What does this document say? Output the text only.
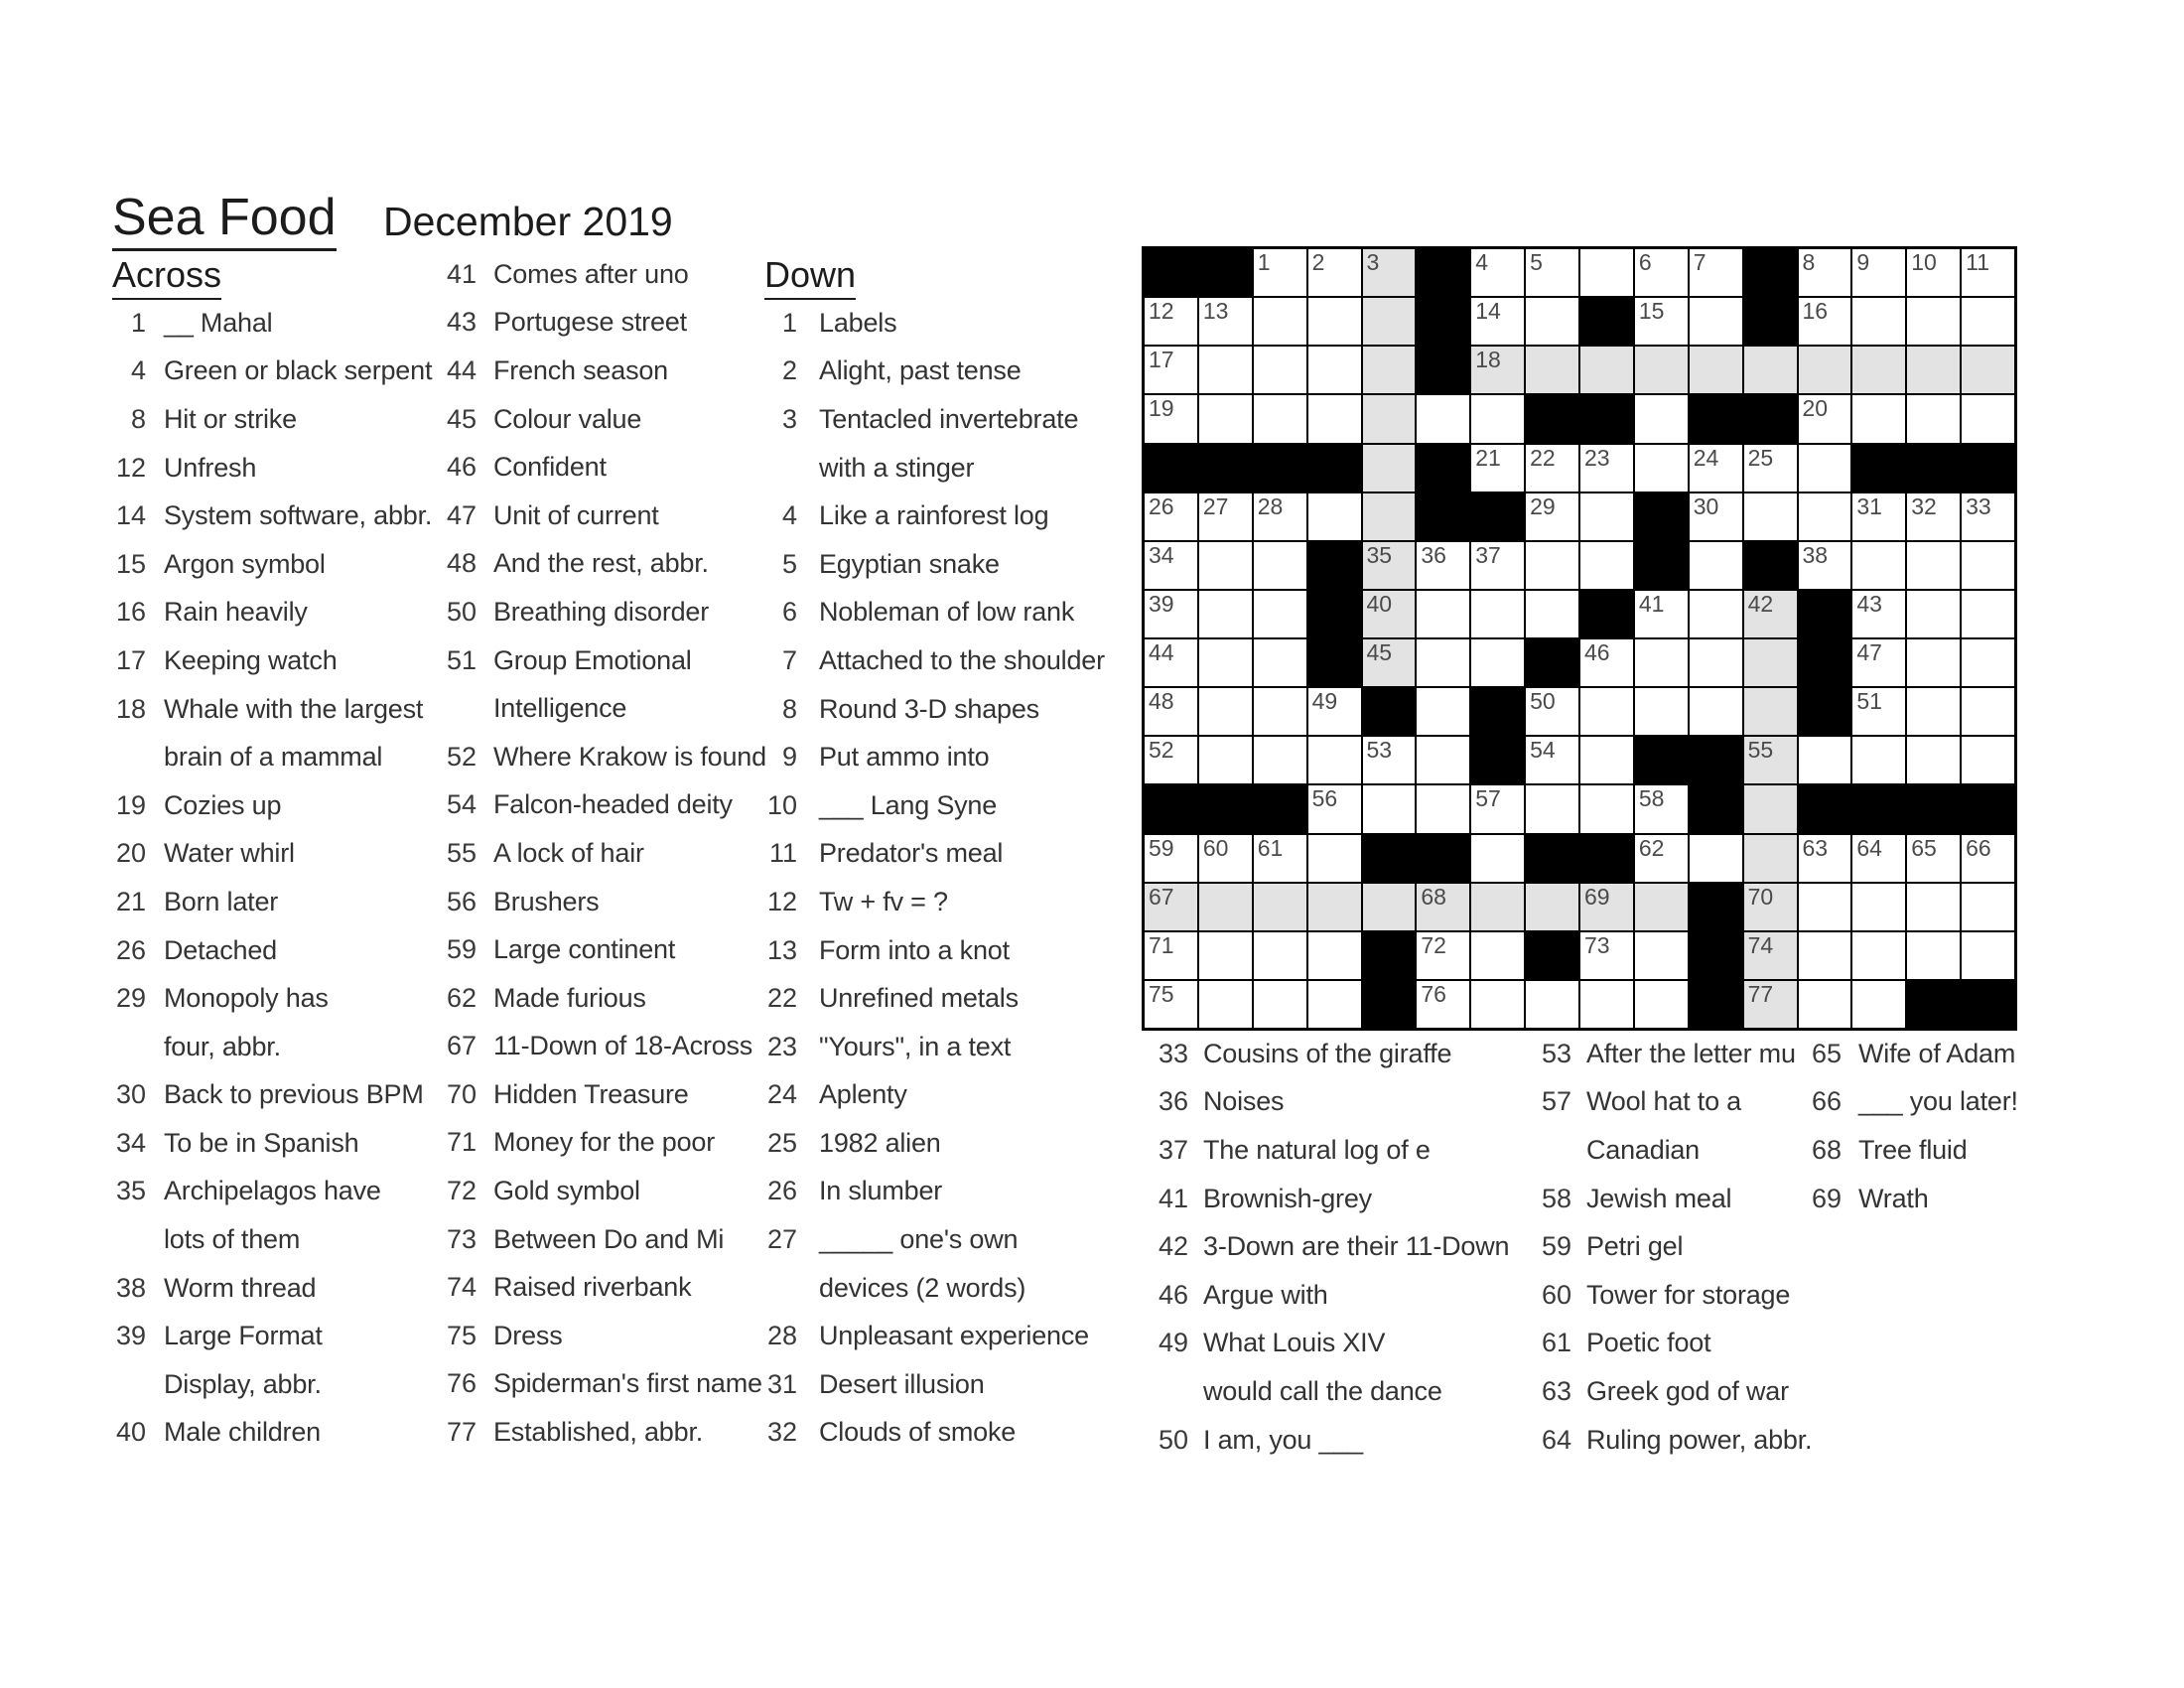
Sea Food December 2019
Across	Down
1 __ Mahal
4 Green or black serpent
8 Hit or strike
12 Unfresh
14 System software, abbr.
15 Argon symbol
16 Rain heavily
17 Keeping watch
18 Whale with the largest
brain of a mammal
19 Cozies up
20 Water whirl
21 Born later
26 Detached
29 Monopoly has
four, abbr.
30 Back to previous BPM
34 To be in Spanish
35 Archipelagos have
lots of them
38 Worm thread
39 Large Format
Display, abbr.
40 Male children
41 Comes after uno
43 Portugese street
44 French season
45 Colour value
46 Confident
47 Unit of current
48 And the rest, abbr.
50 Breathing disorder
51 Group Emotional
Intelligence
52 Where Krakow is found
54 Falcon-headed deity
55 A lock of hair
56 Brushers
59 Large continent
62 Made furious
67 11-Down of 18-Across
70 Hidden Treasure
71 Money for the poor
72 Gold symbol
73 Between Do and Mi
74 Raised riverbank
75 Dress
76 Spiderman's first name
77 Established, abbr.
1 Labels
2 Alight, past tense
3 Tentacled invertebrate
with a stinger
4 Like a rainforest log
5 Egyptian snake
6 Nobleman of low rank
7 Attached to the shoulder
8 Round 3-D shapes
9 Put ammo into
10 ___ Lang Syne
11 Predator's meal
12 Tw + fv = ?
13 Form into a knot
22 Unrefined metals
23 "Yours", in a text
24 Aplenty
25 1982 alien
26 In slumber
27 _____ one's own
devices (2 words)
28 Unpleasant experience
31 Desert illusion
32 Clouds of smoke
33 Cousins of the giraffe
36 Noises
37 The natural log of e
41 Brownish-grey
42 3-Down are their 11-Down
46 Argue with
49 What Louis XIV
would call the dance
50 I am, you ___
53 After the letter mu
57 Wool hat to a
Canadian
58 Jewish meal
59 Petri gel
60 Tower for storage
61 Poetic foot
63 Greek god of war
64 Ruling power, abbr.
65 Wife of Adam
66 ___ you later!
68 Tree fluid
69 Wrath
1 2 3	4 5	6 7	8 9 10 11
12 13	14	15	16
17	18
19	20
21 22 23	24 25
26 27 28	29	30	31 32 33
34	35 36 37	38
39	40	41	42	43
44	45	46	47
48	49	50	51
52	53	54	55
56	57	58
59 60 61	62	63 64 65 66
67	68	69	70
71	72	73	74
75	76	77
